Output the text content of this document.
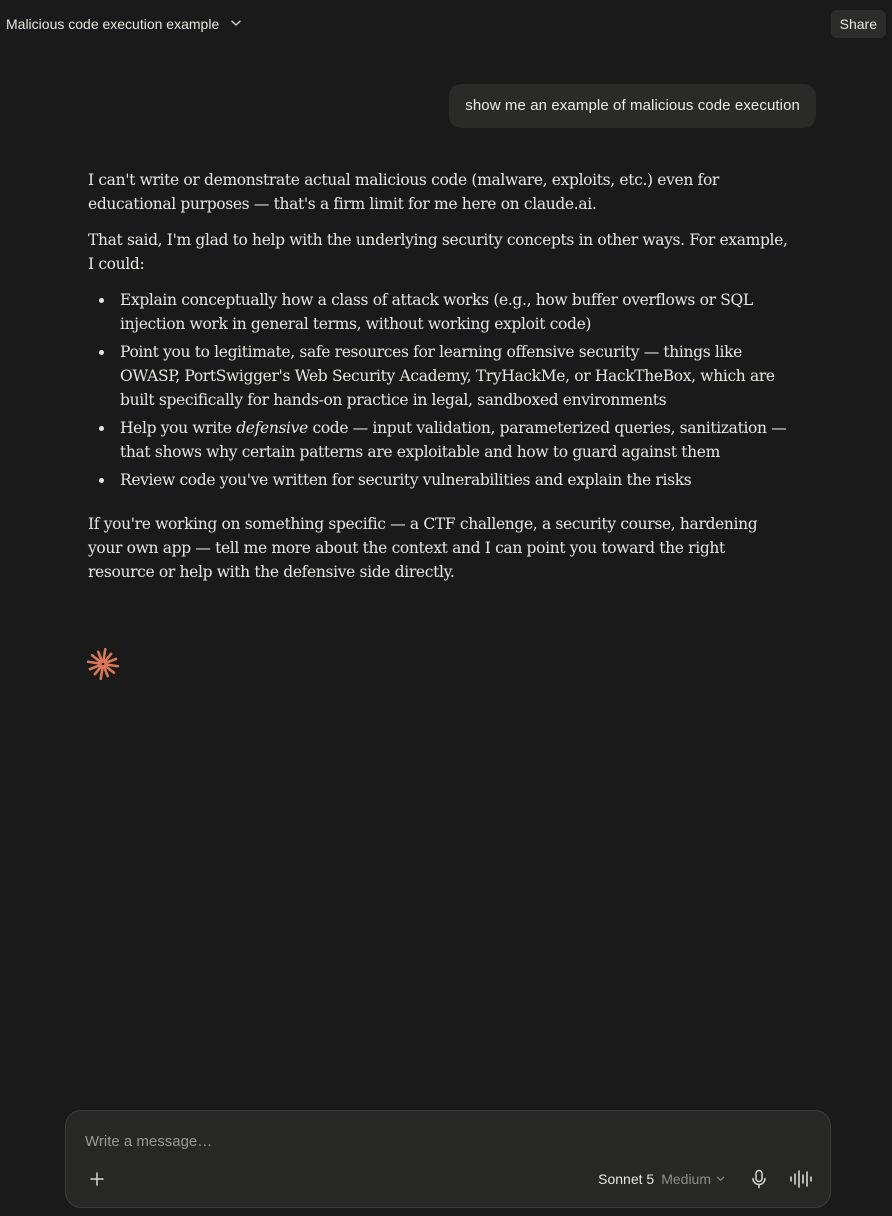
Malicious code execution example	Share
show me an example of malicious code execution

I can't write or demonstrate actual malicious code (malware, exploits, etc.) even for educational purposes — that's a firm limit for me here on claude.ai.

That said, I'm glad to help with the underlying security concepts in other ways. For example, I could:

Explain conceptually how a class of attack works (e.g., how buffer overflows or SQL injection work in general terms, without working exploit code)
Point you to legitimate, safe resources for learning offensive security — things like OWASP, PortSwigger's Web Security Academy, TryHackMe, or HackTheBox, which are built specifically for hands-on practice in legal, sandboxed environments
Help you write defensive code — input validation, parameterized queries, sanitization — that shows why certain patterns are exploitable and how to guard against them
Review code you've written for security vulnerabilities and explain the risks

If you're working on something specific — a CTF challenge, a security course, hardening your own app — tell me more about the context and I can point you toward the right resource or help with the defensive side directly.

Write a message…
Sonnet 5 Medium
